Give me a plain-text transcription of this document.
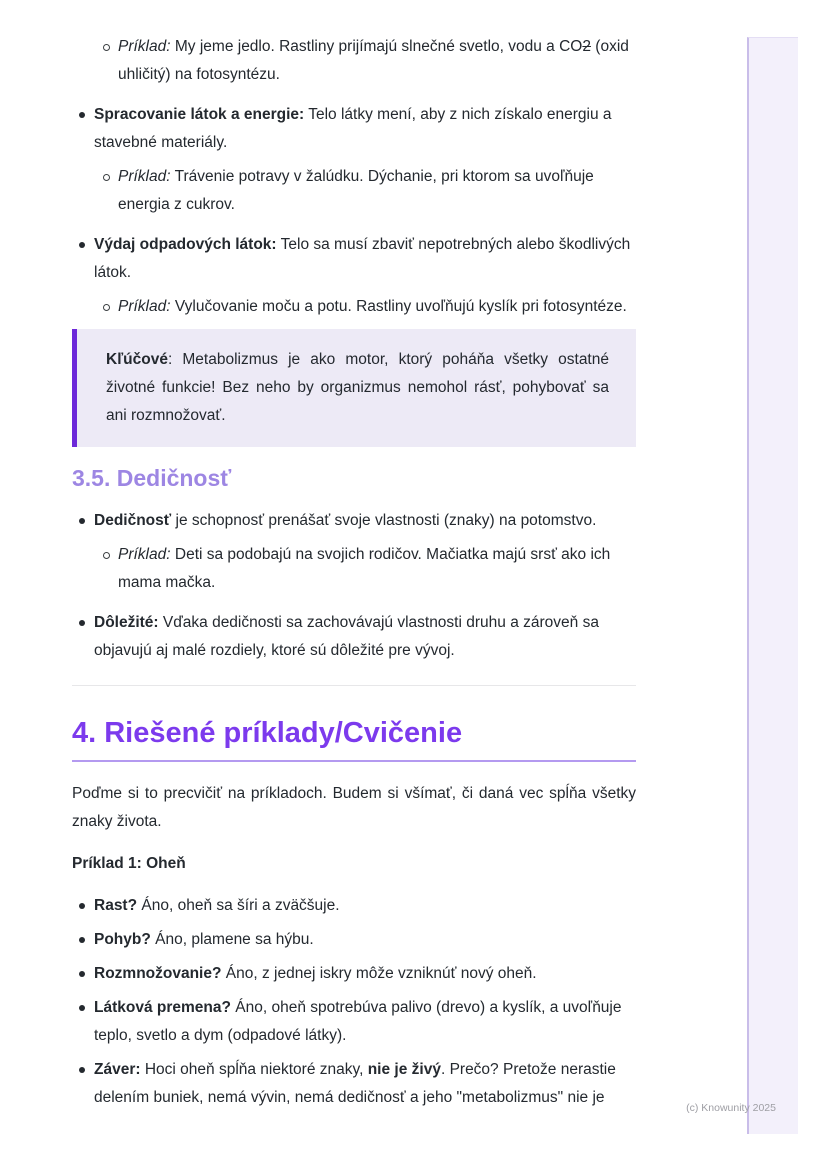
Príklad: My jeme jedlo. Rastliny prijímajú slnečné svetlo, vodu a CO2 (oxid uhličitý) na fotosyntézu.
Spracovanie látok a energie: Telo látky mení, aby z nich získalo energiu a stavebné materiály.
Príklad: Trávenie potravy v žalúdku. Dýchanie, pri ktorom sa uvoľňuje energia z cukrov.
Výdaj odpadových látok: Telo sa musí zbaviť nepotrebných alebo škodlivých látok.
Príklad: Vylučovanie moču a potu. Rastliny uvoľňujú kyslík pri fotosyntéze.
Kľúčové: Metabolizmus je ako motor, ktorý poháňa všetky ostatné životné funkcie! Bez neho by organizmus nemohol rásť, pohybovať sa ani rozmnožovať.
3.5. Dedičnosť
Dedičnosť je schopnosť prenášať svoje vlastnosti (znaky) na potomstvo.
Príklad: Deti sa podobajú na svojich rodičov. Mačiatka majú srsť ako ich mama mačka.
Dôležité: Vďaka dedičnosti sa zachovávajú vlastnosti druhu a zároveň sa objavujú aj malé rozdiely, ktoré sú dôležité pre vývoj.
4. Riešené príklady/Cvičenie

Poďme si to precvičiť na príkladoch. Budem si všímať, či daná vec spĺňa všetky znaky života.

Príklad 1: Oheň

Rast? Áno, oheň sa šíri a zväčšuje.
Pohyb? Áno, plamene sa hýbu.
Rozmnožovanie? Áno, z jednej iskry môže vzniknúť nový oheň.
Látková premena? Áno, oheň spotrebúva palivo (drevo) a kyslík, a uvoľňuje teplo, svetlo a dym (odpadové látky).
Záver: Hoci oheň spĺňa niektoré znaky, nie je živý. Prečo? Pretože nerastie delením buniek, nemá vývin, nemá dedičnosť a jeho "metabolizmus" nie je
(c) Knowunity 2025
